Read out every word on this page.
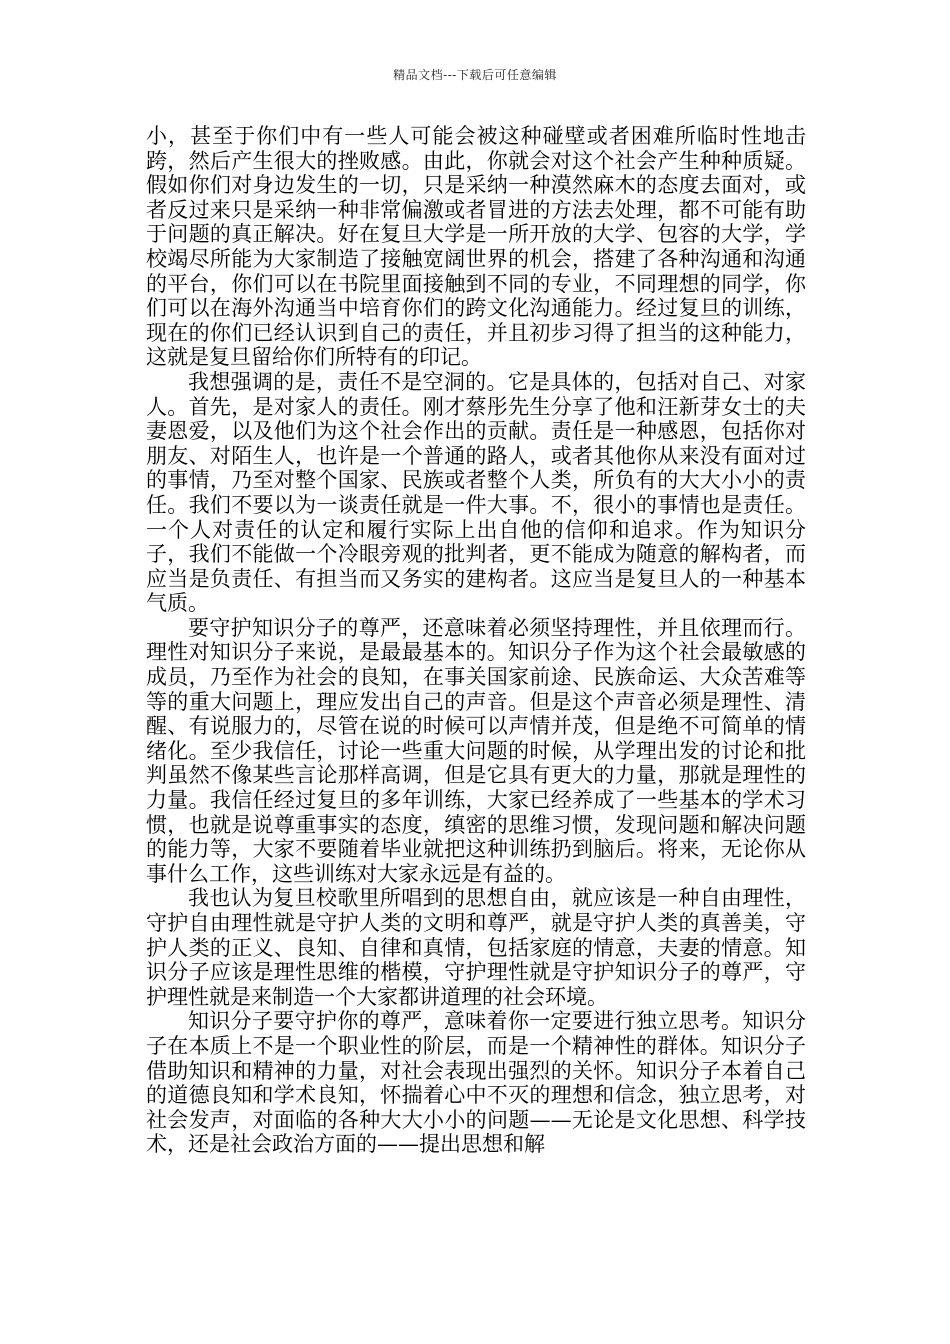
精品文档---下载后可任意编辑

小，甚至于你们中有一些人可能会被这种碰壁或者困难所临时性地击跨，然后产生很大的挫败感。由此，你就会对这个社会产生种种质疑。假如你们对身边发生的一切，只是采纳一种漠然麻木的态度去面对，或者反过来只是采纳一种非常偏激或者冒进的方法去处理，都不可能有助于问题的真正解决。好在复旦大学是一所开放的大学、包容的大学，学校竭尽所能为大家制造了接触宽阔世界的机会，搭建了各种沟通和沟通的平台，你们可以在书院里面接触到不同的专业，不同理想的同学，你们可以在海外沟通当中培育你们的跨文化沟通能力。经过复旦的训练，现在的你们已经认识到自己的责任，并且初步习得了担当的这种能力，这就是复旦留给你们所特有的印记。

我想强调的是，责任不是空洞的。它是具体的，包括对自己、对家人。首先，是对家人的责任。刚才蔡彤先生分享了他和汪新芽女士的夫妻恩爱，以及他们为这个社会作出的贡献。责任是一种感恩，包括你对朋友、对陌生人，也许是一个普通的路人，或者其他你从来没有面对过的事情，乃至对整个国家、民族或者整个人类，所负有的大大小小的责任。我们不要以为一谈责任就是一件大事。不，很小的事情也是责任。一个人对责任的认定和履行实际上出自他的信仰和追求。作为知识分子，我们不能做一个冷眼旁观的批判者，更不能成为随意的解构者，而应当是负责任、有担当而又务实的建构者。这应当是复旦人的一种基本气质。

要守护知识分子的尊严，还意味着必须坚持理性，并且依理而行。理性对知识分子来说，是最最基本的。知识分子作为这个社会最敏感的成员，乃至作为社会的良知，在事关国家前途、民族命运、大众苦难等等的重大问题上，理应发出自己的声音。但是这个声音必须是理性、清醒、有说服力的，尽管在说的时候可以声情并茂，但是绝不可简单的情绪化。至少我信任，讨论一些重大问题的时候，从学理出发的讨论和批判虽然不像某些言论那样高调，但是它具有更大的力量，那就是理性的力量。我信任经过复旦的多年训练，大家已经养成了一些基本的学术习惯，也就是说尊重事实的态度，缜密的思维习惯，发现问题和解决问题的能力等，大家不要随着毕业就把这种训练扔到脑后。将来，无论你从事什么工作，这些训练对大家永远是有益的。

我也认为复旦校歌里所唱到的思想自由，就应该是一种自由理性，守护自由理性就是守护人类的文明和尊严，就是守护人类的真善美，守护人类的正义、良知、自律和真情，包括家庭的情意，夫妻的情意。知识分子应该是理性思维的楷模，守护理性就是守护知识分子的尊严，守护理性就是来制造一个大家都讲道理的社会环境。

知识分子要守护你的尊严，意味着你一定要进行独立思考。知识分子在本质上不是一个职业性的阶层，而是一个精神性的群体。知识分子借助知识和精神的力量，对社会表现出强烈的关怀。知识分子本着自己的道德良知和学术良知，怀揣着心中不灭的理想和信念，独立思考，对社会发声，对面临的各种大大小小的问题——无论是文化思想、科学技术，还是社会政治方面的——提出思想和解
